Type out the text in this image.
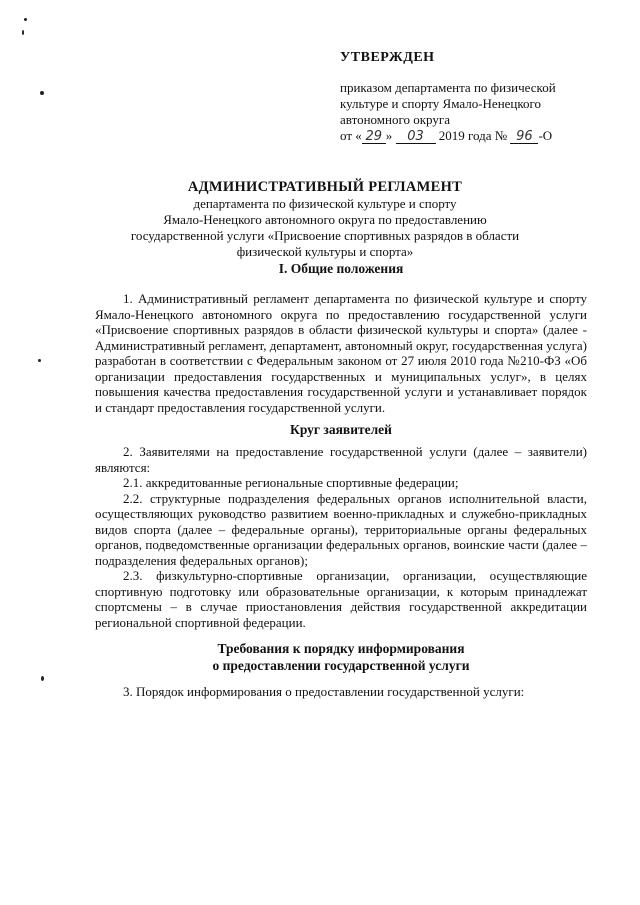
УТВЕРЖДЕН
приказом департамента по физической
культуре и спорту Ямало-Ненецкого
автономного округа
от « 29 » 03 2019 года № 96 -О
АДМИНИСТРАТИВНЫЙ РЕГЛАМЕНТ
департамента по физической культуре и спорту
Ямало-Ненецкого автономного округа по предоставлению
государственной услуги «Присвоение спортивных разрядов в области
физической культуры и спорта»

I. Общие положения

1. Административный регламент департамента по физической культуре и спорту Ямало-Ненецкого автономного округа по предоставлению государственной услуги «Присвоение спортивных разрядов в области физической культуры и спорта» (далее - Административный регламент, департамент, автономный округ, государственная услуга) разработан в соответствии с Федеральным законом от 27 июля 2010 года №210-ФЗ «Об организации предоставления государственных и муниципальных услуг», в целях повышения качества предоставления государственной услуги и устанавливает порядок и стандарт предоставления государственной услуги.

Круг заявителей

2. Заявителями на предоставление государственной услуги (далее – заявители) являются:

2.1. аккредитованные региональные спортивные федерации;

2.2. структурные подразделения федеральных органов исполнительной власти, осуществляющих руководство развитием военно-прикладных и служебно-прикладных видов спорта (далее – федеральные органы), территориальные органы федеральных органов, подведомственные организации федеральных органов, воинские части (далее – подразделения федеральных органов);

2.3. физкультурно-спортивные организации, организации, осуществляющие спортивную подготовку или образовательные организации, к которым принадлежат спортсмены – в случае приостановления действия государственной аккредитации региональной спортивной федерации.

Требования к порядку информирования

о предоставлении государственной услуги

3. Порядок информирования о предоставлении государственной услуги:
